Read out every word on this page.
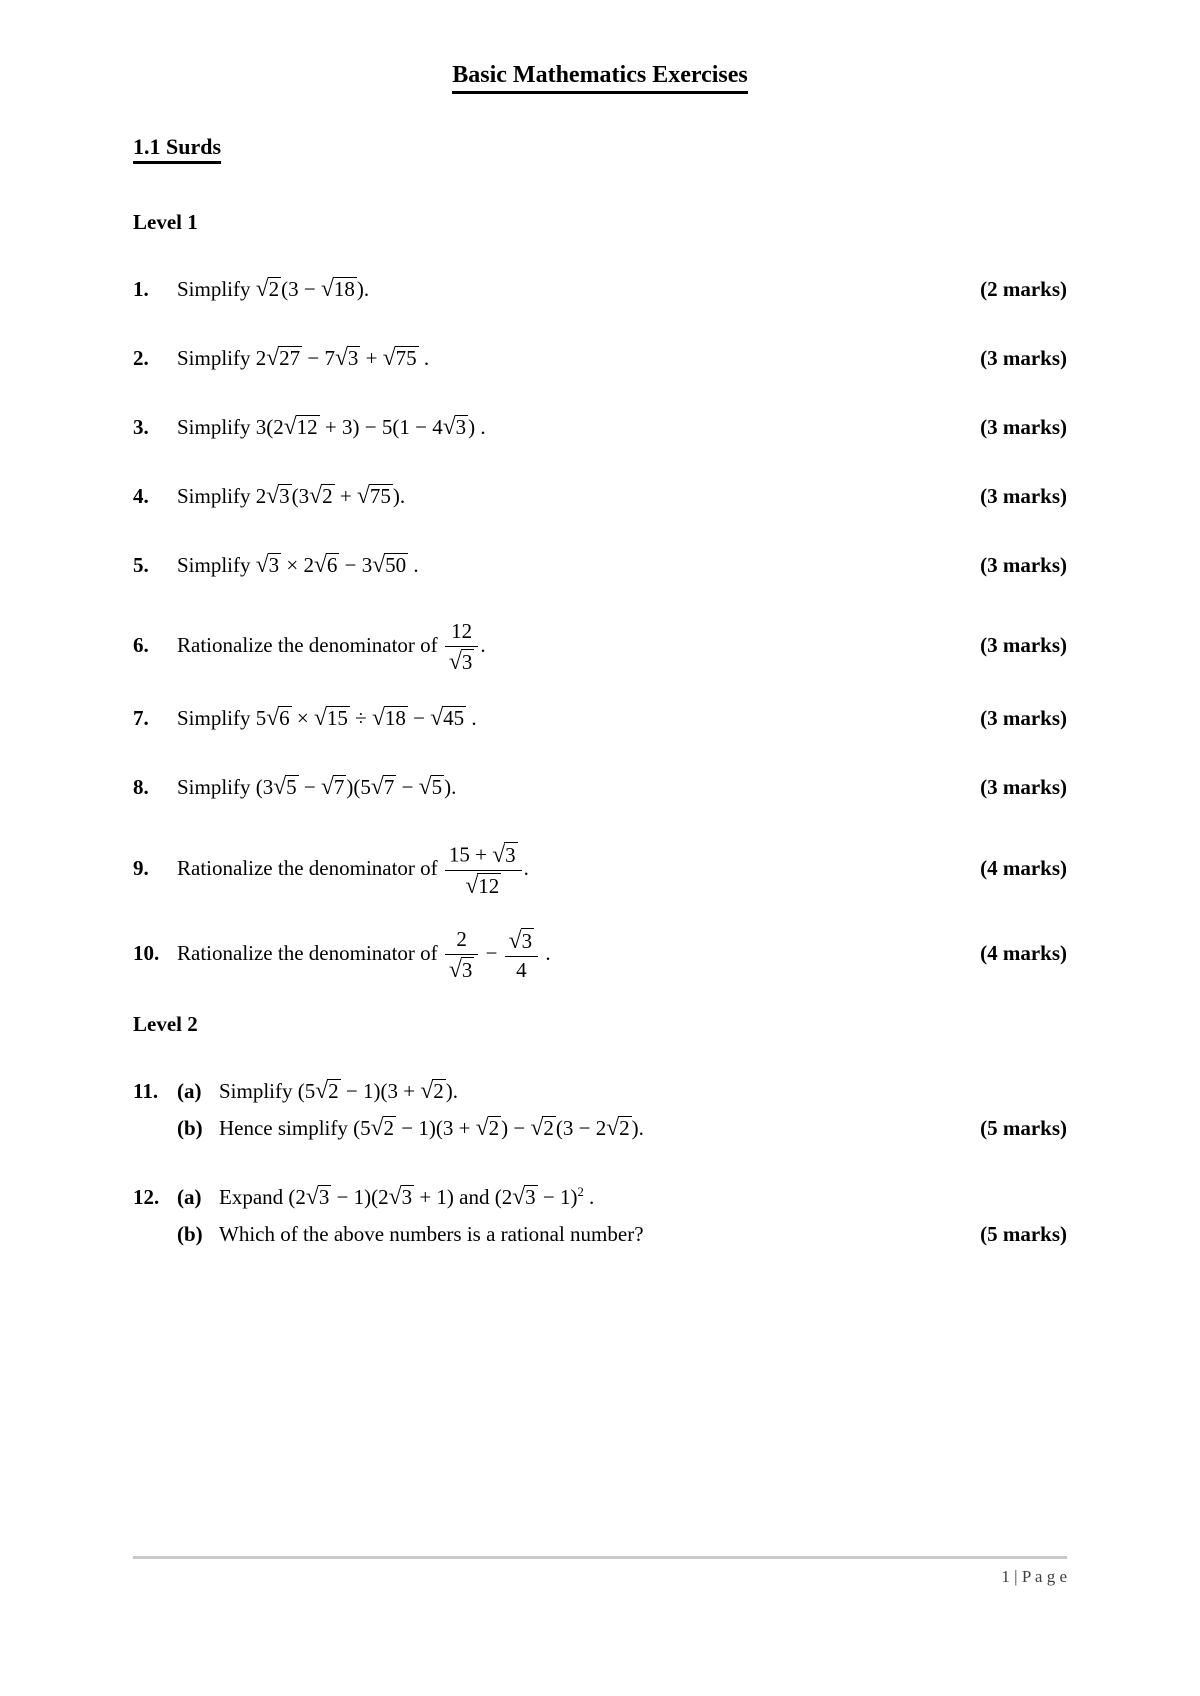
Basic Mathematics Exercises
1.1 Surds
Level 1
1.	Simplify √2(3 − √18).	(2 marks)
2.	Simplify 2√27 − 7√3 + √75 .	(3 marks)
3.	Simplify 3(2√12 + 3) − 5(1 − 4√3) .	(3 marks)
4.	Simplify 2√3(3√2 + √75).	(3 marks)
5.	Simplify √3 × 2√6 − 3√50 .	(3 marks)
6.	Rationalize the denominator of $\frac{12}{√3}$ .	(3 marks)
7.	Simplify 5√6 × √15 ÷ √18 − √45 .	(3 marks)
8.	Simplify (3√5 − √7)(5√7 − √5).	(3 marks)
9.	Rationalize the denominator of $\frac{15 + √3}{√12}$ .	(4 marks)
10. Rationalize the denominator of $\frac{2}{√3} - \frac{√3}{4}$ .	(4 marks)
Level 2
11. (a) Simplify (5√2 − 1)(3 + √2).
(b) Hence simplify (5√2 − 1)(3 + √2) − √2(3 − 2√2).	(5 marks)
12. (a) Expand (2√3 − 1)(2√3 + 1) and $(2√3 - 1)^2$ .
(b) Which of the above numbers is a rational number?	(5 marks)
1 | P a g e
